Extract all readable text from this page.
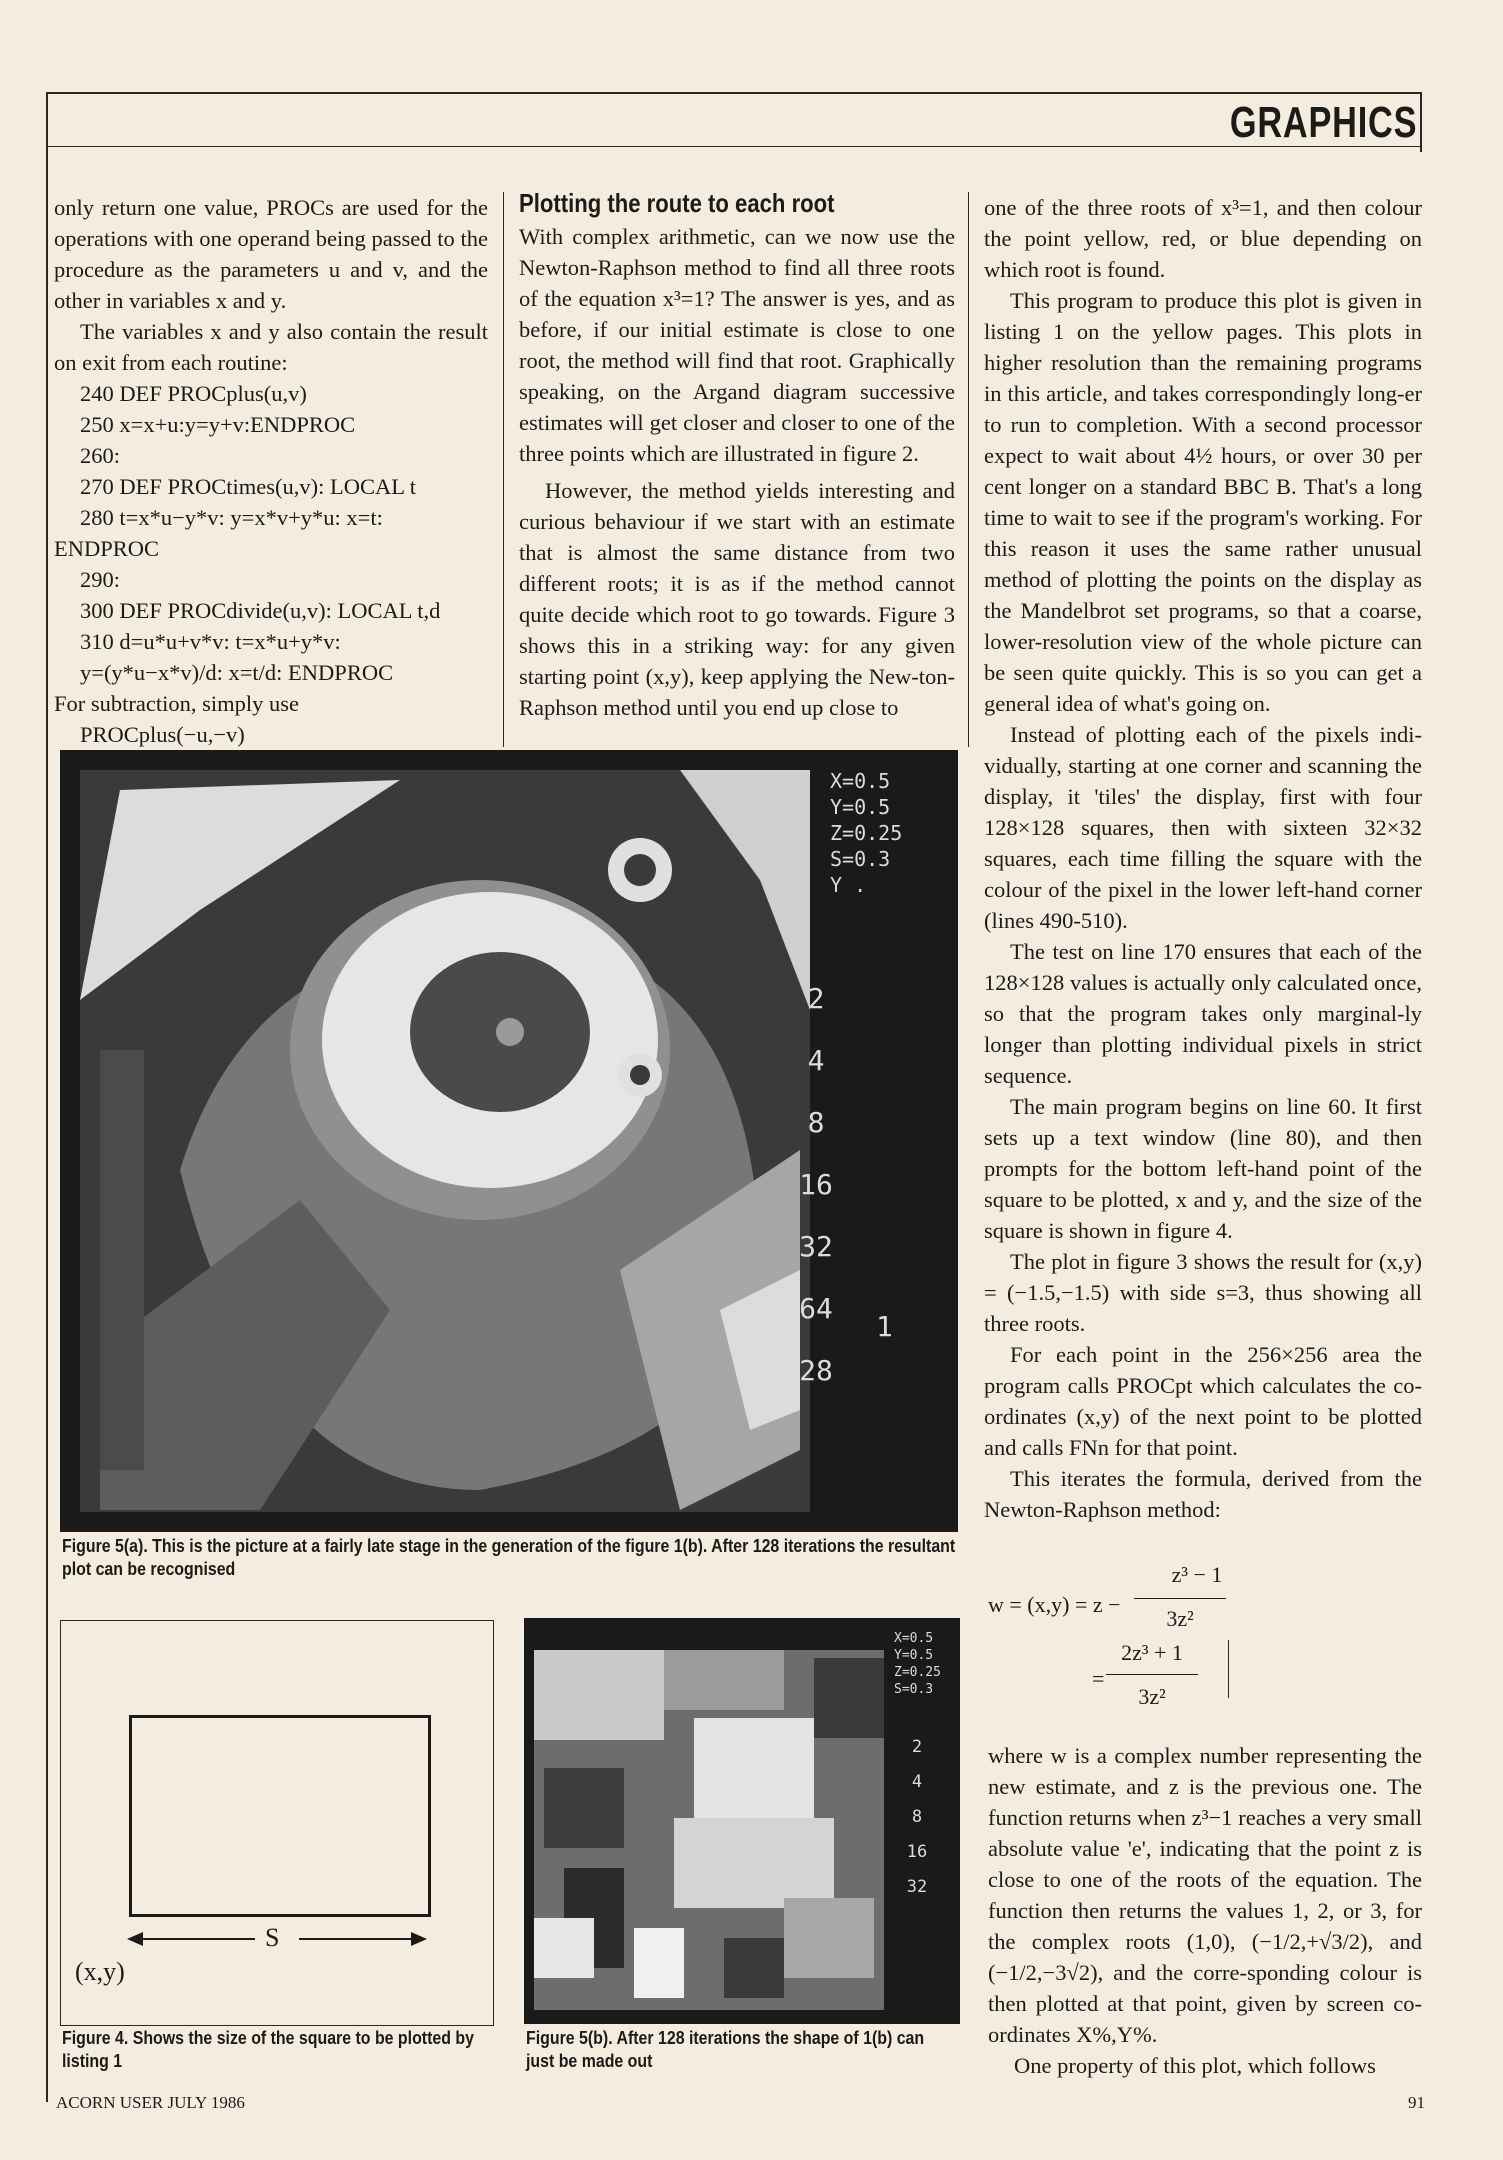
GRAPHICS

only return one value, PROCs are used for the operations with one operand being passed to the procedure as the parameters u and v, and the other in variables x and y.

The variables x and y also contain the result on exit from each routine:

240 DEF PROCplus(u,v)
250 x=x+u:y=y+v:ENDPROC
260:
270 DEF PROCtimes(u,v): LOCAL t
280 t=x*u−y*v: y=x*v+y*u: x=t:
ENDPROC
290:
300 DEF PROCdivide(u,v): LOCAL t,d
310 d=u*u+v*v: t=x*u+y*v:
y=(y*u−x*v)/d: x=t/d: ENDPROC
For subtraction, simply use
PROCplus(−u,−v)
Plotting the route to each root

With complex arithmetic, can we now use the Newton-Raphson method to find all three roots of the equation x³=1? The answer is yes, and as before, if our initial estimate is close to one root, the method will find that root. Graphically speaking, on the Argand diagram successive estimates will get closer and closer to one of the three points which are illustrated in figure 2.

However, the method yields interesting and curious behaviour if we start with an estimate that is almost the same distance from two different roots; it is as if the method cannot quite decide which root to go towards. Figure 3 shows this in a striking way: for any given starting point (x,y), keep applying the New-ton-Raphson method until you end up close to

one of the three roots of x³=1, and then colour the point yellow, red, or blue depending on which root is found.

This program to produce this plot is given in listing 1 on the yellow pages. This plots in higher resolution than the remaining programs in this article, and takes correspondingly long-er to run to completion. With a second processor expect to wait about 4½ hours, or over 30 per cent longer on a standard BBC B. That's a long time to wait to see if the program's working. For this reason it uses the same rather unusual method of plotting the points on the display as the Mandelbrot set programs, so that a coarse, lower-resolution view of the whole picture can be seen quite quickly. This is so you can get a general idea of what's going on.

Instead of plotting each of the pixels indi-vidually, starting at one corner and scanning the display, it 'tiles' the display, first with four 128×128 squares, then with sixteen 32×32 squares, each time filling the square with the colour of the pixel in the lower left-hand corner (lines 490-510).

The test on line 170 ensures that each of the 128×128 values is actually only calculated once, so that the program takes only marginal-ly longer than plotting individual pixels in strict sequence.

The main program begins on line 60. It first sets up a text window (line 80), and then prompts for the bottom left-hand point of the square to be plotted, x and y, and the size of the square is shown in figure 4.

The plot in figure 3 shows the result for (x,y) = (−1.5,−1.5) with side s=3, thus showing all three roots.

For each point in the 256×256 area the program calls PROCpt which calculates the co-ordinates (x,y) of the next point to be plotted and calls FNn for that point.

This iterates the formula, derived from the Newton-Raphson method:

w = (x,y) = z −
z³ − 1
3z²
=
2z³ + 1
3z²

where w is a complex number representing the new estimate, and z is the previous one. The function returns when z³−1 reaches a very small absolute value 'e', indicating that the point z is close to one of the roots of the equation. The function then returns the values 1, 2, or 3, for the complex roots (1,0), (−1/2,+√3/2), and (−1/2,−3√2), and the corre-sponding colour is then plotted at that point, given by screen co-ordinates X%,Y%.

One property of this plot, which follows

X=0.5
Y=0.5
Z=0.25
S=0.3
Y .
2
4
8
16
32
64
28
1
Figure 5(a). This is the picture at a fairly late stage in the generation of the figure 1(b). After 128 iterations the resultant plot can be recognised
S
(x,y)
Figure 4. Shows the size of the square to be plotted by listing 1
X=0.5
Y=0.5
Z=0.25
S=0.3
2
4
8
16
32
Figure 5(b). After 128 iterations the shape of 1(b) can just be made out
ACORN USER JULY 1986	91
